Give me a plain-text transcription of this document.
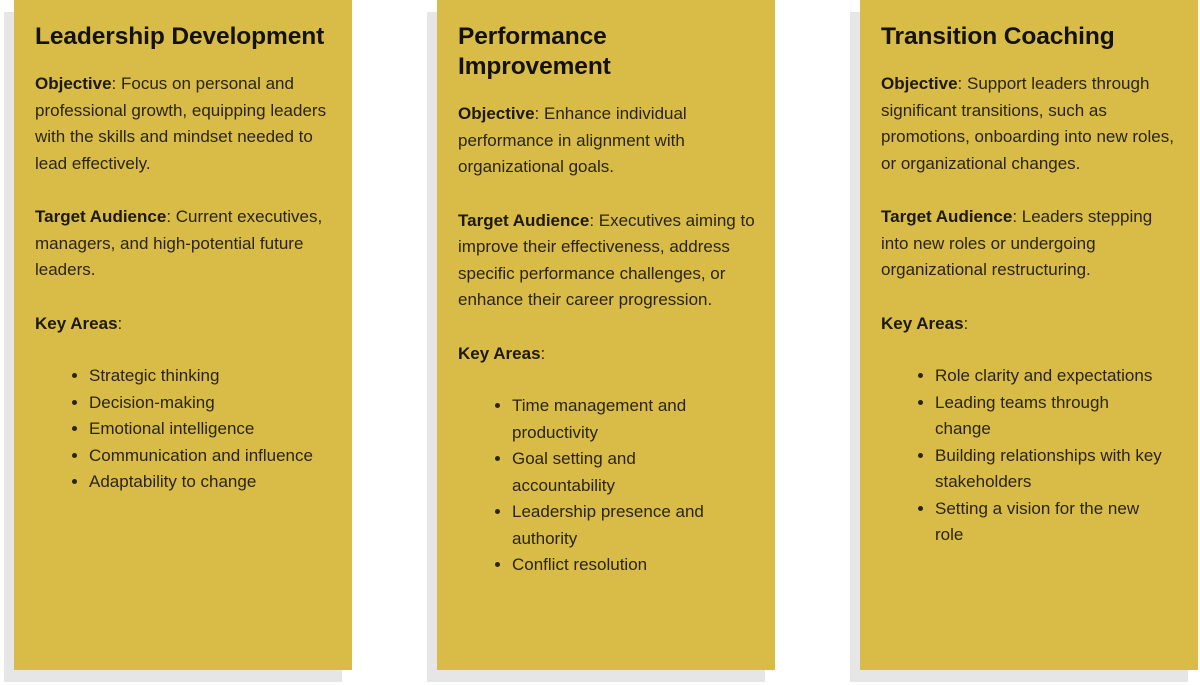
Leadership Development

Objective: Focus on personal and professional growth, equipping leaders with the skills and mindset needed to lead effectively.

Target Audience: Current executives, managers, and high-potential future leaders.

Key Areas:

• Strategic thinking
• Decision-making
• Emotional intelligence
• Communication and influence
• Adaptability to change
Performance Improvement

Objective: Enhance individual performance in alignment with organizational goals.

Target Audience: Executives aiming to improve their effectiveness, address specific performance challenges, or enhance their career progression.

Key Areas:

• Time management and productivity
• Goal setting and accountability
• Leadership presence and authority
• Conflict resolution
Transition Coaching

Objective: Support leaders through significant transitions, such as promotions, onboarding into new roles, or organizational changes.

Target Audience: Leaders stepping into new roles or undergoing organizational restructuring.

Key Areas:

• Role clarity and expectations
• Leading teams through change
• Building relationships with key stakeholders
• Setting a vision for the new role
